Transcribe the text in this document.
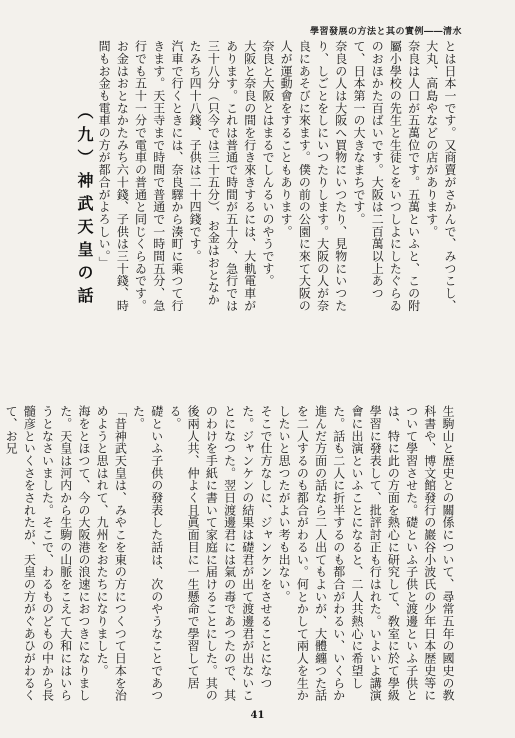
學習發展の方法と其の實例――清水
とは日本一です。又商賣がさかんで、みつこし、大丸、高島やなどの店があります。
奈良は人口が五萬位です。五萬といふと、この附屬小學校の先生と生徒とをいつしよにしたぐらゐのおほかた百ばいです。大阪は二百萬以上あつて、日本第一の大きなまちです。
奈良の人は大阪へ買物にいつたり、見物にいつたり、しごとをしにいつたりします。大阪の人が奈良にあそびに來ます。僕の前の公園に來て大阪の人が運動會をすることもあります。
奈良と大阪とはまるでしんるいのやうです。
大阪と奈良の間を行き來きするには、大軌電車があります。これは普通で時間が五十分、急行では三十八分（只今では三十五分）、お金はおとなかたみち四十八錢、子供は二十四錢です。
汽車で行くときには、奈良驛から湊町に乘つて行きます。天王寺まで時間で普通で一時間五分、急行でも五十一分で電車の普通と同じくらゐです。お金はおとなかたみち六十錢、子供は三十錢、時間もお金も電車の方が都合がよろしい。」
（九）神武天皇の話
生駒山と歴史との關係について、尋常五年の國史の教科書や、博文館發行の巖谷小波氏の少年日本歴史等について學習させた。礎といふ子供と渡邊といふ子供とは、特に此の方面を熱心に研究して、敎室に於て學級學習に發表して、批評討正も行はれた。いよいよ講演會に出演といふことになると、二人共熱心に希望した。話も二人に折半するのも都合がわるい、いくらか進んだ方面の話なら二人出てもよいが、大體纏つた話を二人するのも都合がわるい。何とかして兩人を生かしたいと思つたがよい考も出ない。
そこで仕方なしに、ジャンケンをさせることになつた。ジャンケンの結果は礎君が出て渡邊君が出ないことになつた。翌日渡邊君には氣の毒であつたので、其のわけを手紙に書いて家庭に届けることにした。其の後兩人共、仲よく且眞面目に一生懸命で學習して居る。
礎といふ子供の發表した話は、次のやうなことであつた。
「昔神武天皇は、みやこを東の方につくつて日本を治めようと思はれて、九州をおたちになりました。
海をとほつて、今の大阪港の浪速におつきになりました。天皇は河内から生駒の山脈をこえて大和にはいらうとなさいました。そこで、わるものどもの中から長髓彦といくさをされたが、天皇の方がぐあひがわるくて、お兄
41
